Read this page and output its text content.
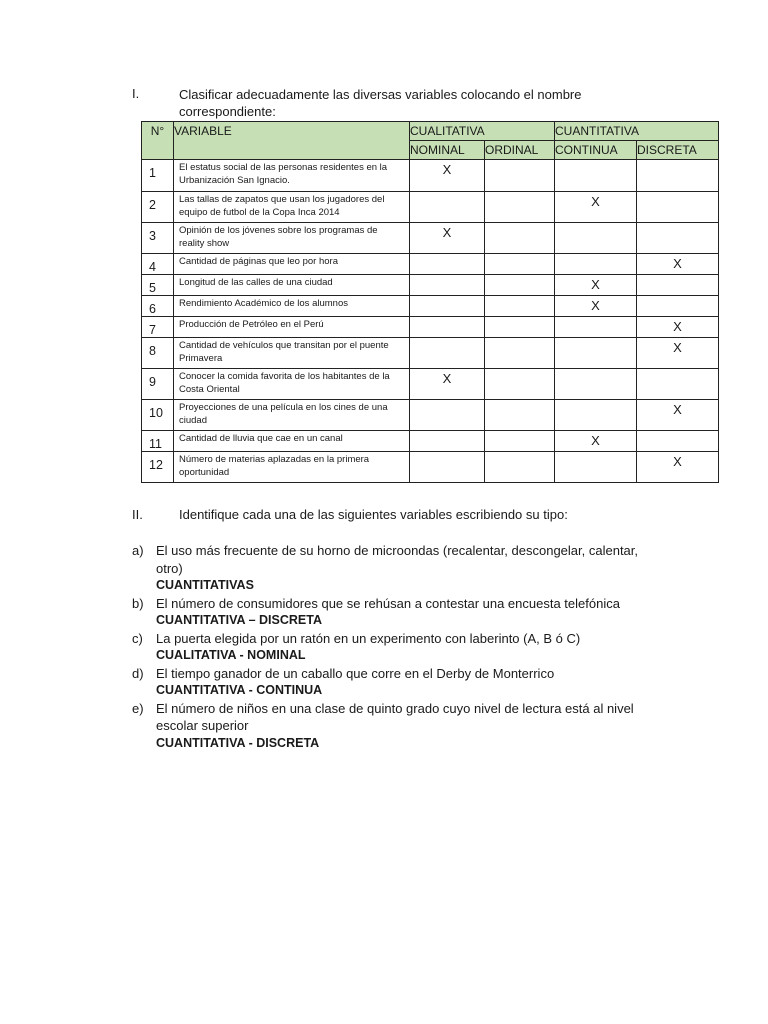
I.	Clasificar adecuadamente las diversas variables colocando el nombre correspondiente:
N°	VARIABLE	CUALITATIVA		CUANTITATIVA	
		NOMINAL	ORDINAL	CONTINUA	DISCRETA
1	El estatus social de las personas residentes en la Urbanización San Ignacio.	X			
2	Las tallas de zapatos que usan los jugadores del equipo de futbol de la Copa Inca 2014			X	
3	Opinión de los jóvenes sobre los programas de reality show	X			
4	Cantidad de páginas que leo por hora				X
5	Longitud de las calles de una ciudad			X	
6	Rendimiento Académico de los alumnos			X	
7	Producción de Petróleo en el Perú				X
8	Cantidad de vehículos que transitan por el puente Primavera				X
9	Conocer la comida favorita de los habitantes de la Costa Oriental	X			
10	Proyecciones de una película en los cines de una ciudad				X
11	Cantidad de lluvia que cae en un canal			X	
12	Número de materias aplazadas en la primera oportunidad				X
II.	Identifique cada una de las siguientes variables escribiendo su tipo:
a) El uso más frecuente de su horno de microondas (recalentar, descongelar, calentar, otro)
CUANTITATIVAS
b) El número de consumidores que se rehúsan a contestar una encuesta telefónica
CUANTITATIVA – DISCRETA
c)	La puerta elegida por un ratón en un experimento con laberinto (A, B ó C)
CUALITATIVA - NOMINAL
d) El tiempo ganador de un caballo que corre en el Derby de Monterrico
CUANTITATIVA - CONTINUA
e) El número de niños en una clase de quinto grado cuyo nivel de lectura está al nivel escolar superior
CUANTITATIVA - DISCRETA
